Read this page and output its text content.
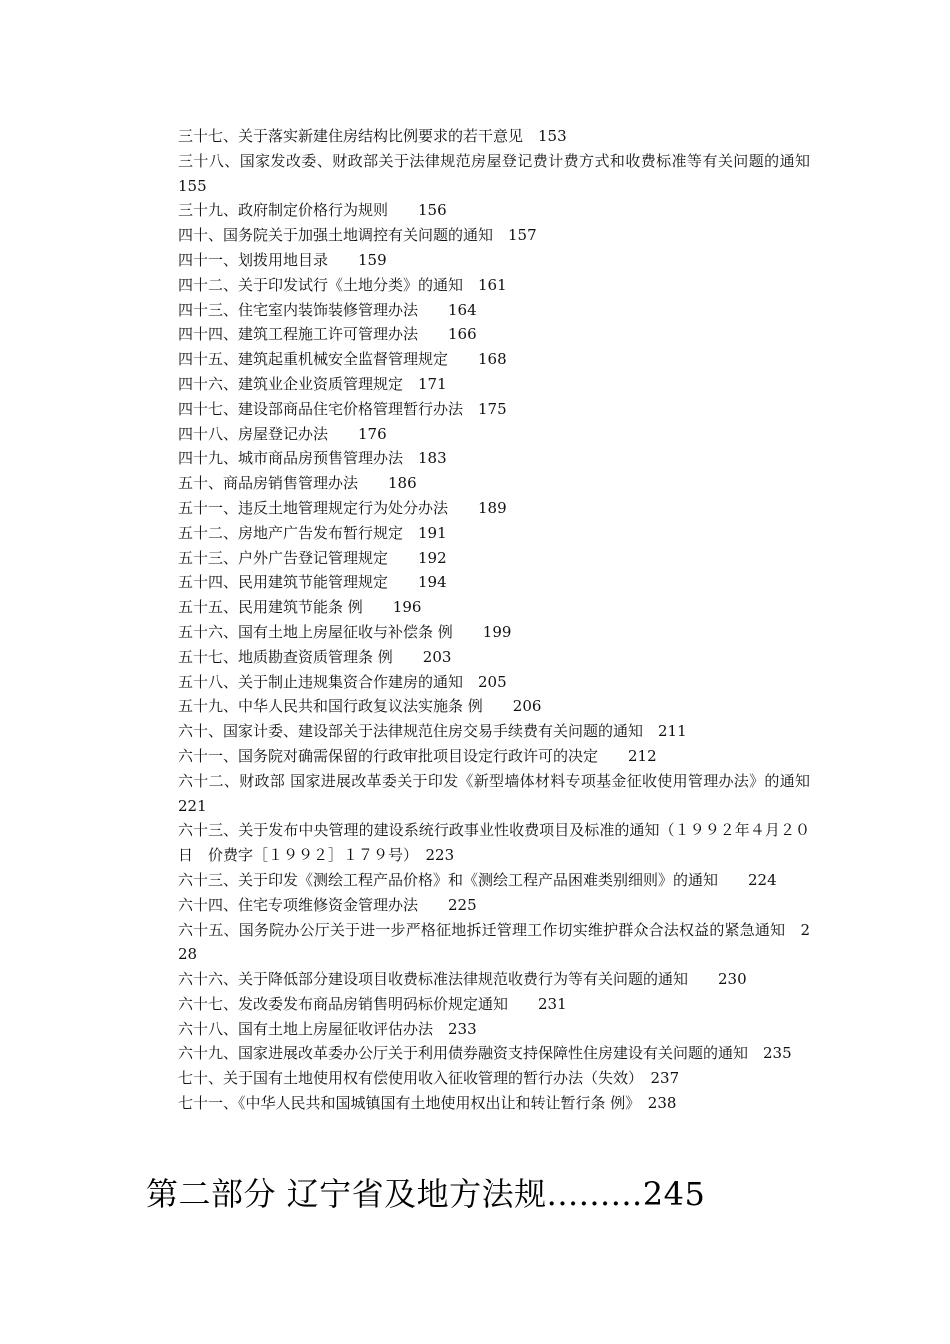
三十七、关于落实新建住房结构比例要求的若干意见　153
三十八、国家发改委、财政部关于法律规范房屋登记费计费方式和收费标准等有关问题的通知　　155
三十九、政府制定价格行为规则　　156
四十、国务院关于加强土地调控有关问题的通知　157
四十一、划拨用地目录　　159
四十二、关于印发试行《土地分类》的通知　161
四十三、住宅室内装饰装修管理办法　　164
四十四、建筑工程施工许可管理办法　　166
四十五、建筑起重机械安全监督管理规定　　168
四十六、建筑业企业资质管理规定　171
四十七、建设部商品住宅价格管理暂行办法　175
四十八、房屋登记办法　　176
四十九、城市商品房预售管理办法　183
五十、商品房销售管理办法　　186
五十一、违反土地管理规定行为处分办法　　189
五十二、房地产广告发布暂行规定　191
五十三、户外广告登记管理规定　　192
五十四、民用建筑节能管理规定　　194
五十五、民用建筑节能条 例　　196
五十六、国有土地上房屋征收与补偿条 例　　199
五十七、地质勘查资质管理条 例　　203
五十八、关于制止违规集资合作建房的通知　205
五十九、中华人民共和国行政复议法实施条 例　　206
六十、国家计委、建设部关于法律规范住房交易手续费有关问题的通知　211
六十一、国务院对确需保留的行政审批项目设定行政许可的决定　　212
六十二、财政部 国家进展改革委关于印发《新型墙体材料专项基金征收使用管理办法》的通知　221
六十三、关于发布中央管理的建设系统行政事业性收费项目及标准的通知（１９９２年４月２０日　价费字［１９９２］１７９号）　223
六十三、关于印发《测绘工程产品价格》和《测绘工程产品困难类别细则》的通知　　224
六十四、住宅专项维修资金管理办法　　225
六十五、国务院办公厅关于进一步严格征地拆迁管理工作切实维护群众合法权益的紧急通知　228
六十六、关于降低部分建设项目收费标准法律规范收费行为等有关问题的通知　　230
六十七、发改委发布商品房销售明码标价规定通知　　231
六十八、国有土地上房屋征收评估办法　233
六十九、国家进展改革委办公厅关于利用债券融资支持保障性住房建设有关问题的通知　235
七十、关于国有土地使用权有偿使用收入征收管理的暂行办法（失效）　237
七十一、《中华人民共和国城镇国有土地使用权出让和转让暂行条 例》　238
第二部分 辽宁省及地方法规.........245
